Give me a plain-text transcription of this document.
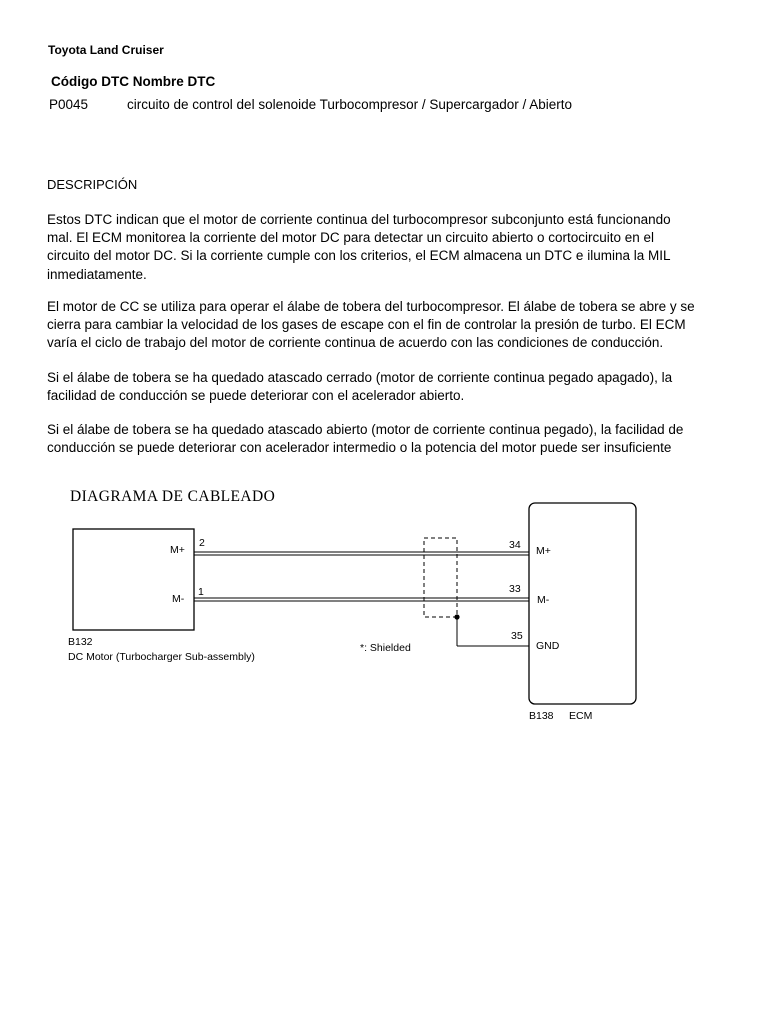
Toyota Land Cruiser
Código DTC Nombre DTC
P0045	circuito de control del solenoide Turbocompresor / Supercargador / Abierto
DESCRIPCIÓN
Estos DTC indican que el motor de corriente continua del turbocompresor subconjunto está funcionando
mal. El ECM monitorea la corriente del motor DC para detectar un circuito abierto o cortocircuito en el
circuito del motor DC. Si la corriente cumple con los criterios, el ECM almacena un DTC e ilumina la MIL
inmediatamente.
El motor de CC se utiliza para operar el álabe de tobera del turbocompresor. El álabe de tobera se abre y se
cierra para cambiar la velocidad de los gases de escape con el fin de controlar la presión de turbo. El ECM
varía el ciclo de trabajo del motor de corriente continua de acuerdo con las condiciones de conducción.
Si el álabe de tobera se ha quedado atascado cerrado (motor de corriente continua pegado apagado), la
facilidad de conducción se puede deteriorar con el acelerador abierto.
Si el álabe de tobera se ha quedado atascado abierto (motor de corriente continua pegado), la facilidad de
conducción se puede deteriorar con acelerador intermedio o la potencia del motor puede ser insuficiente
DIAGRAMA DE CABLEADO
M+
M-
2
1
B132
DC Motor (Turbocharger Sub-assembly)
*: Shielded
34
33
35
M+
M-
GND
B138 ECM
